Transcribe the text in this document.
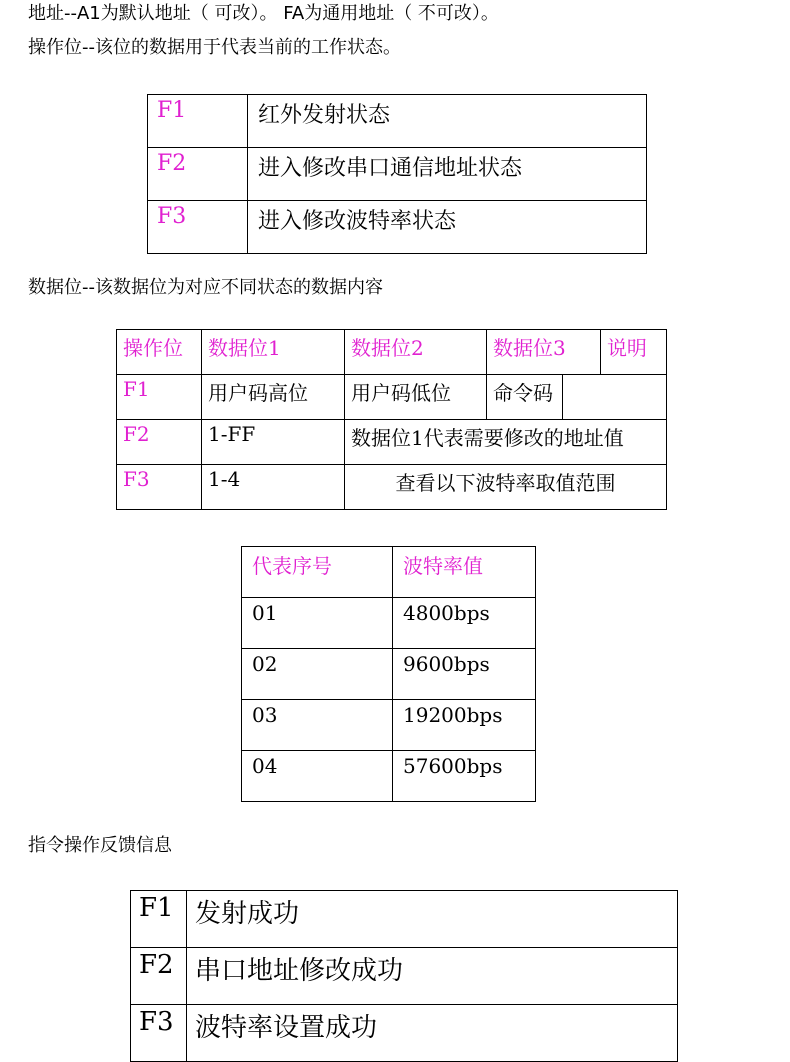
地址--A1为默认地址（ 可改）。 FA为通用地址（ 不可改）。
操作位--该位的数据用于代表当前的工作状态。
F1	红外发射状态
F2	进入修改串口通信地址状态
F3	进入修改波特率状态
数据位--该数据位为对应不同状态的数据内容
操作位	数据位1	数据位2	数据位3		说明
F1	用户码高位	用户码低位	命令码		
F2	1-FF	数据位1代表需要修改的地址值			
F3	1-4	查看以下波特率取值范围			
代表序号	波特率值
01	4800bps
02	9600bps
03	19200bps
04	57600bps
指令操作反馈信息
F1	发射成功
F2	串口地址修改成功
F3	波特率设置成功
